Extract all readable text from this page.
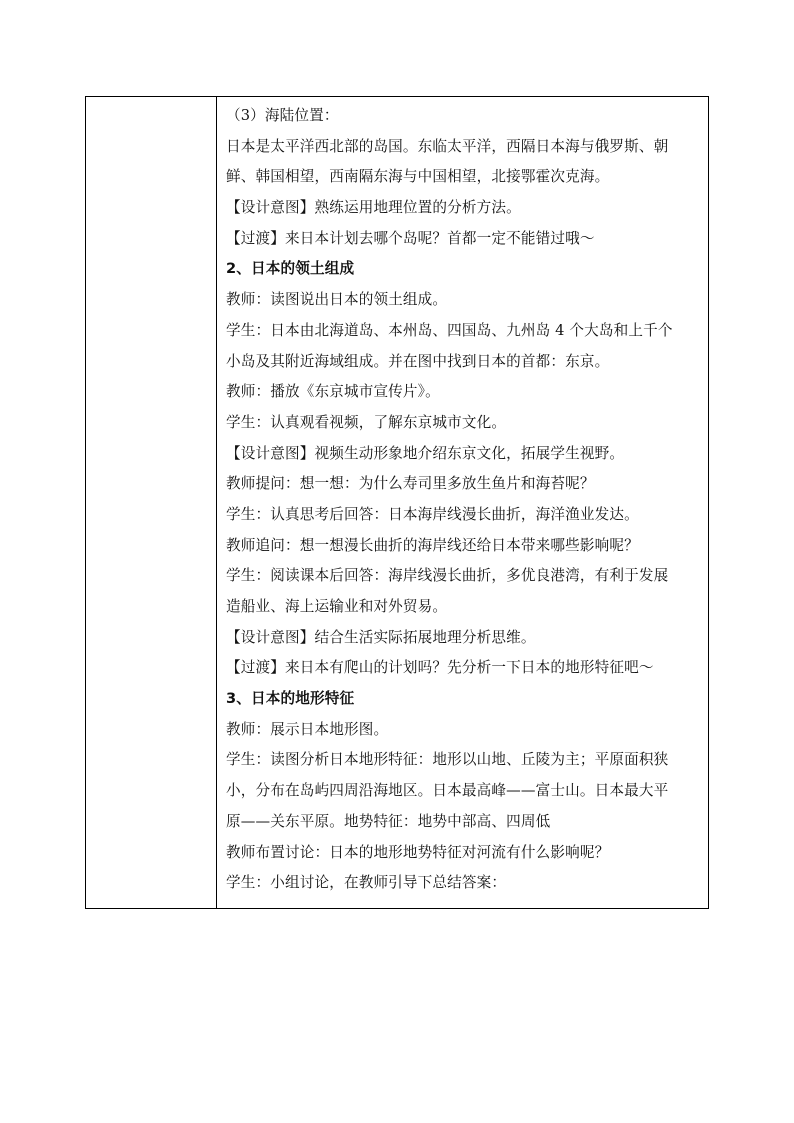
（3）海陆位置：
日本是太平洋西北部的岛国。东临太平洋，西隔日本海与俄罗斯、朝
鲜、韩国相望，西南隔东海与中国相望，北接鄂霍次克海。
【设计意图】熟练运用地理位置的分析方法。
【过渡】来日本计划去哪个岛呢？首都一定不能错过哦～
2、日本的领土组成
教师：读图说出日本的领土组成。
学生：日本由北海道岛、本州岛、四国岛、九州岛 4 个大岛和上千个
小岛及其附近海域组成。并在图中找到日本的首都：东京。
教师：播放《东京城市宣传片》。
学生：认真观看视频，了解东京城市文化。
【设计意图】视频生动形象地介绍东京文化，拓展学生视野。
教师提问：想一想：为什么寿司里多放生鱼片和海苔呢？
学生：认真思考后回答：日本海岸线漫长曲折，海洋渔业发达。
教师追问：想一想漫长曲折的海岸线还给日本带来哪些影响呢？
学生：阅读课本后回答：海岸线漫长曲折，多优良港湾，有利于发展
造船业、海上运输业和对外贸易。
【设计意图】结合生活实际拓展地理分析思维。
【过渡】来日本有爬山的计划吗？先分析一下日本的地形特征吧～
3、日本的地形特征
教师：展示日本地形图。
学生：读图分析日本地形特征：地形以山地、丘陵为主；平原面积狭
小，分布在岛屿四周沿海地区。日本最高峰——富士山。日本最大平
原——关东平原。地势特征：地势中部高、四周低
教师布置讨论：日本的地形地势特征对河流有什么影响呢？
学生：小组讨论，在教师引导下总结答案：
